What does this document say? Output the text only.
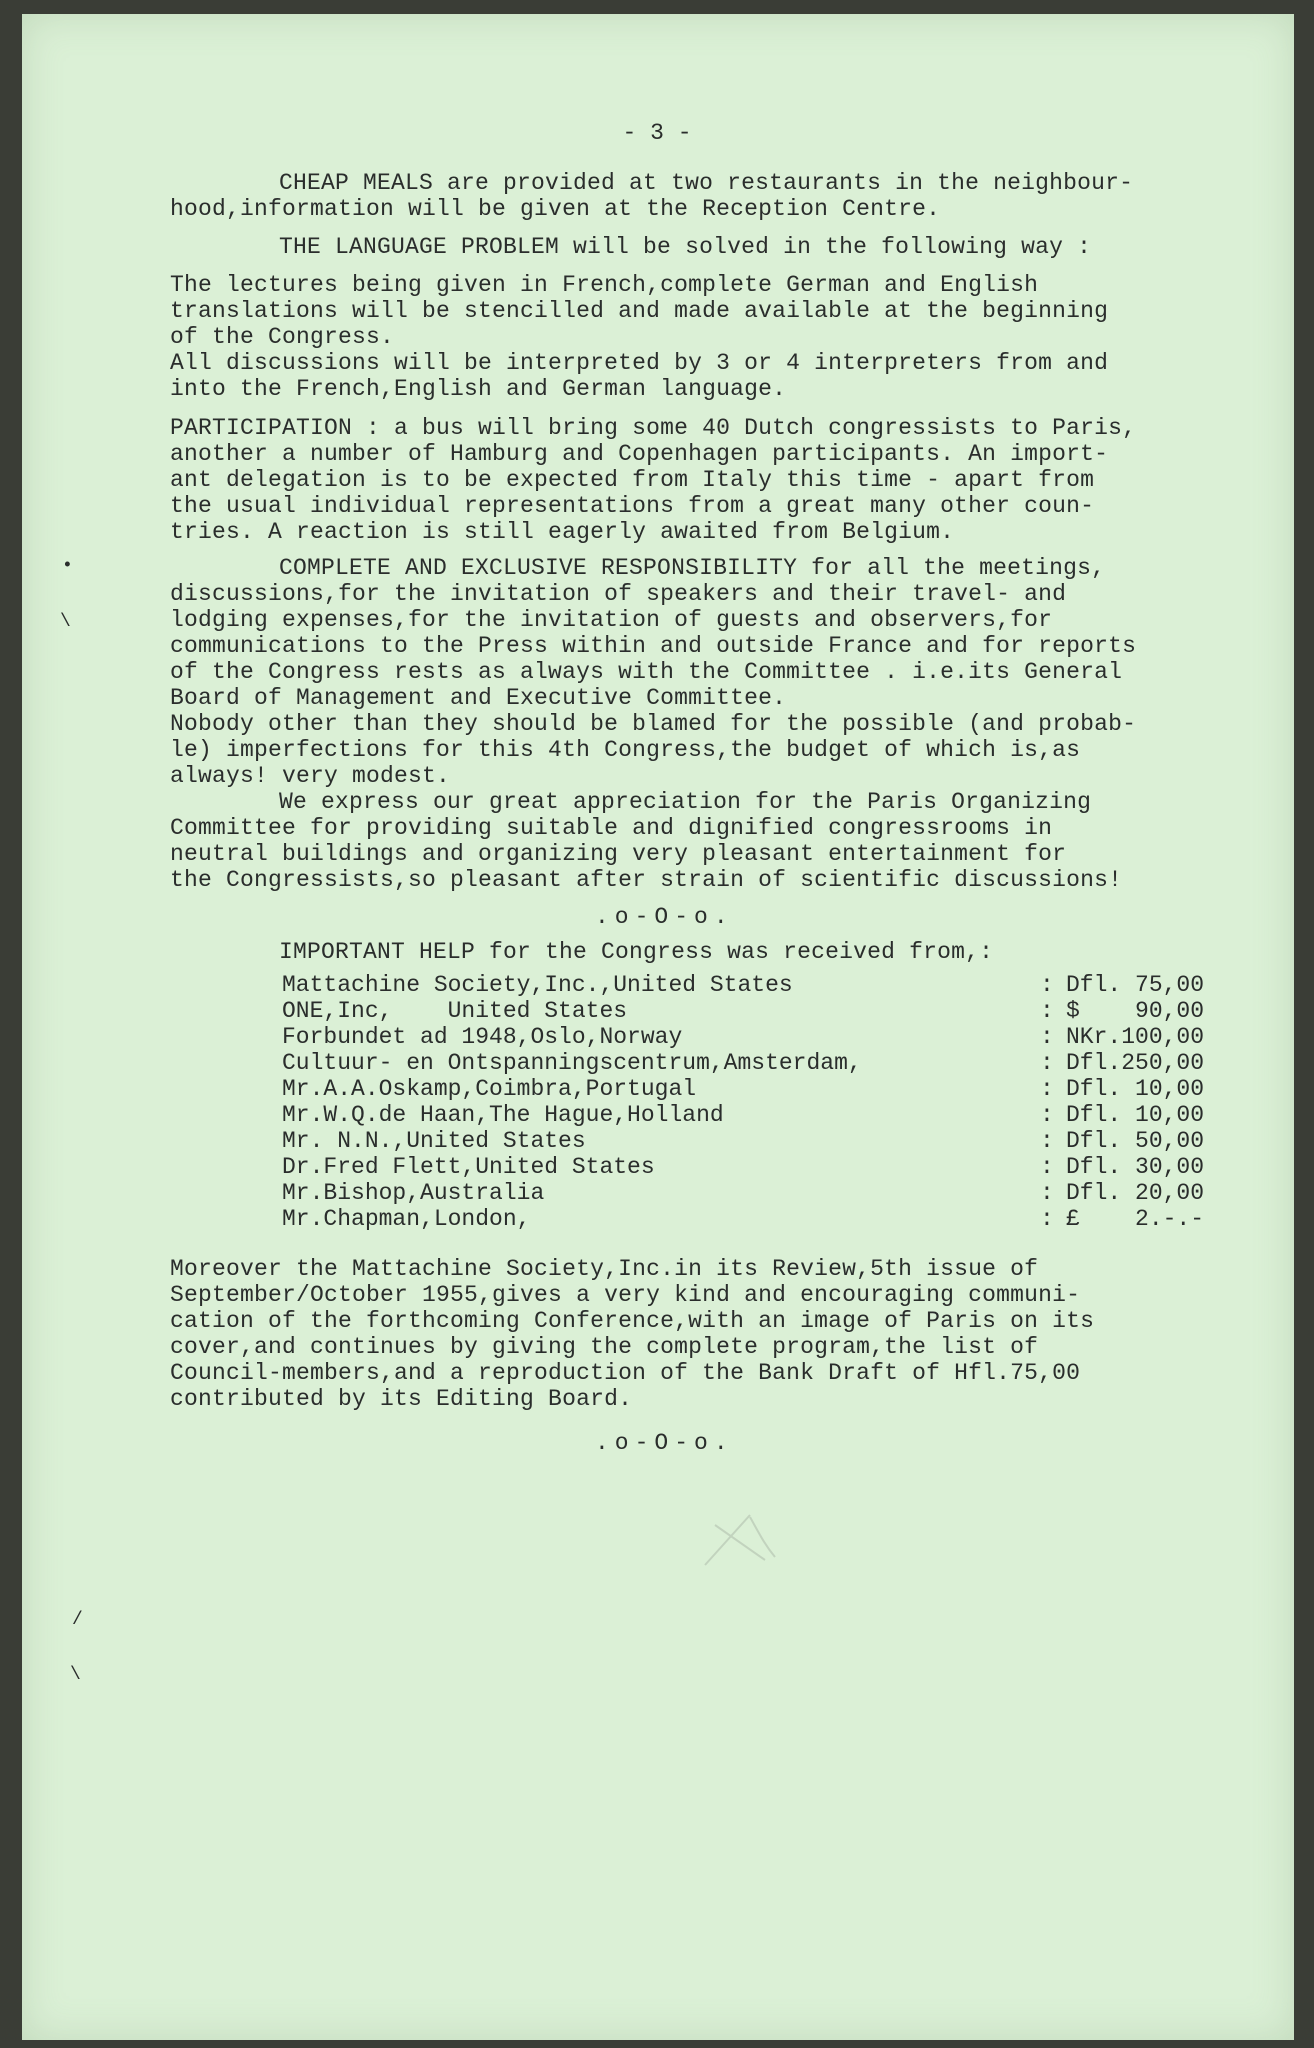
- 3 -
CHEAP MEALS are provided at two restaurants in the neighbour-
hood,information will be given at the Reception Centre.
THE LANGUAGE PROBLEM will be solved in the following way :
The lectures being given in French,complete German and English
translations will be stencilled and made available at the beginning
of the Congress.
All discussions will be interpreted by 3 or 4 interpreters from and
into the French,English and German language.
PARTICIPATION : a bus will bring some 40 Dutch congressists to Paris,
another a number of Hamburg and Copenhagen participants. An import-
ant delegation is to be expected from Italy this time - apart from
the usual individual representations from a great many other coun-
tries. A reaction is still eagerly awaited from Belgium.
COMPLETE AND EXCLUSIVE RESPONSIBILITY for all the meetings,
discussions,for the invitation of speakers and their travel- and
lodging expenses,for the invitation of guests and observers,for
communications to the Press within and outside France and for reports
of the Congress rests as always with the Committee . i.e.its General
Board of Management and Executive Committee.
Nobody other than they should be blamed for the possible (and probab-
le) imperfections for this 4th Congress,the budget of which is,as
always! very modest.
We express our great appreciation for the Paris Organizing
Committee for providing suitable and dignified congressrooms in
neutral buildings and organizing very pleasant entertainment for
the Congressists,so pleasant after strain of scientific discussions!
.o-O-o.
IMPORTANT HELP for the Congress was received from,:
Mattachine Society,Inc.,United States	: Dfl. 75,00
ONE,Inc,    United States	: $    90,00
Forbundet ad 1948,Oslo,Norway	: NKr.100,00
Cultuur- en Ontspanningscentrum,Amsterdam,	: Dfl.250,00
Mr.A.A.Oskamp,Coimbra,Portugal	: Dfl. 10,00
Mr.W.Q.de Haan,The Hague,Holland	: Dfl. 10,00
Mr. N.N.,United States	: Dfl. 50,00
Dr.Fred Flett,United States	: Dfl. 30,00
Mr.Bishop,Australia	: Dfl. 20,00
Mr.Chapman,London,	: £    2.-.-
Moreover the Mattachine Society,Inc.in its Review,5th issue of
September/October 1955,gives a very kind and encouraging communi-
cation of the forthcoming Conference,with an image of Paris on its
cover,and continues by giving the complete program,the list of
Council-members,and a reproduction of the Bank Draft of Hfl.75,00
contributed by its Editing Board.
.o-O-o.
•
\
/
\
